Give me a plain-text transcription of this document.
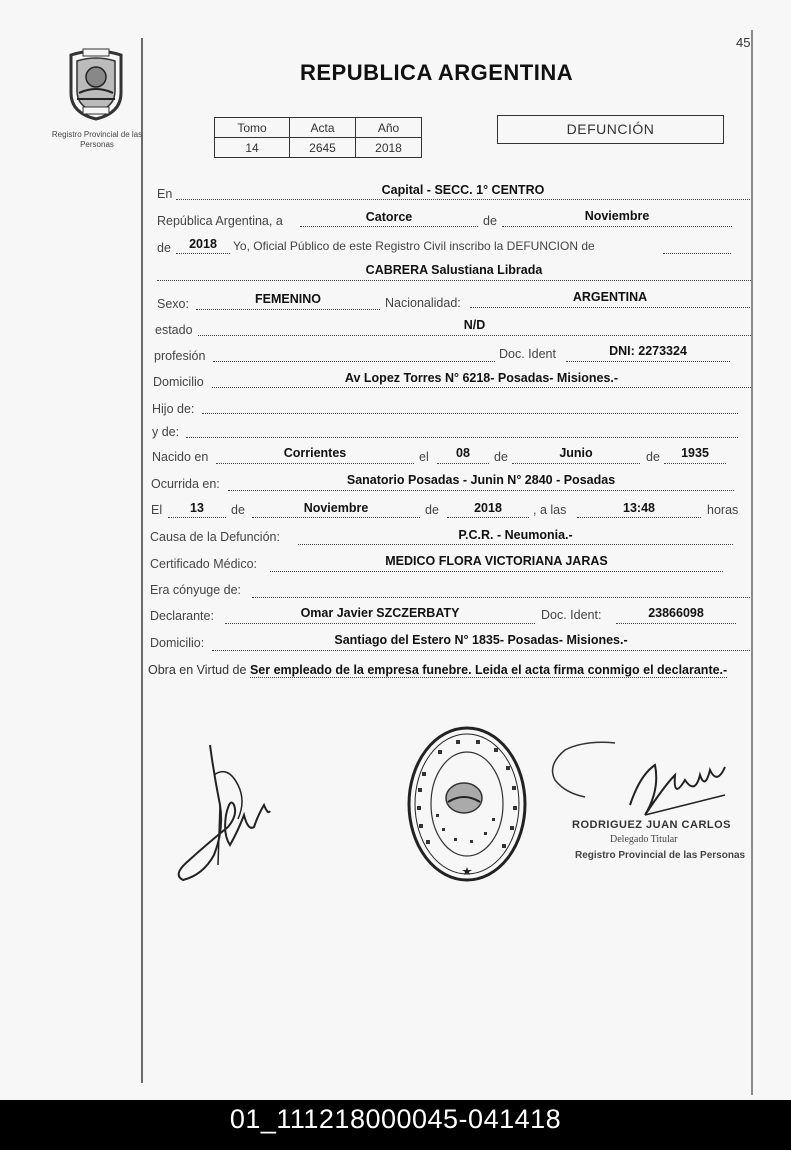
45
Registro Provincial de las Personas
REPUBLICA ARGENTINA
Tomo	Acta	Año
14	2645	2018
DEFUNCIÓN
En	Capital - SECC. 1° CENTRO
República Argentina, a	Catorce	de	Noviembre
de	2018	Yo, Oficial Público de este Registro Civil inscribo la DEFUNCION de
CABRERA Salustiana Librada
Sexo:	FEMENINO	Nacionalidad:	ARGENTINA
estado	N/D
profesión	Doc. Ident	DNI: 2273324
Domicilio	Av Lopez Torres N° 6218- Posadas- Misiones.-
Hijo de:
y de:
Nacido en	Corrientes	el	08	de	Junio	de	1935
Ocurrida en:	Sanatorio Posadas - Junin N° 2840 - Posadas
El	13	de	Noviembre	de	2018	, a las	13:48	horas
Causa de la Defunción:	P.C.R. - Neumonia.-
Certificado Médico:	MEDICO FLORA VICTORIANA JARAS
Era cónyuge de:
Declarante:	Omar Javier SZCZERBATY	Doc. Ident:	23866098
Domicilio:	Santiago del Estero N° 1835- Posadas- Misiones.-
Obra en Virtud de Ser empleado de la empresa funebre. Leida el acta firma conmigo el declarante.-
RODRIGUEZ JUAN CARLOS
Delegado Titular
Registro Provincial de las Personas
01_111218000045-041418
